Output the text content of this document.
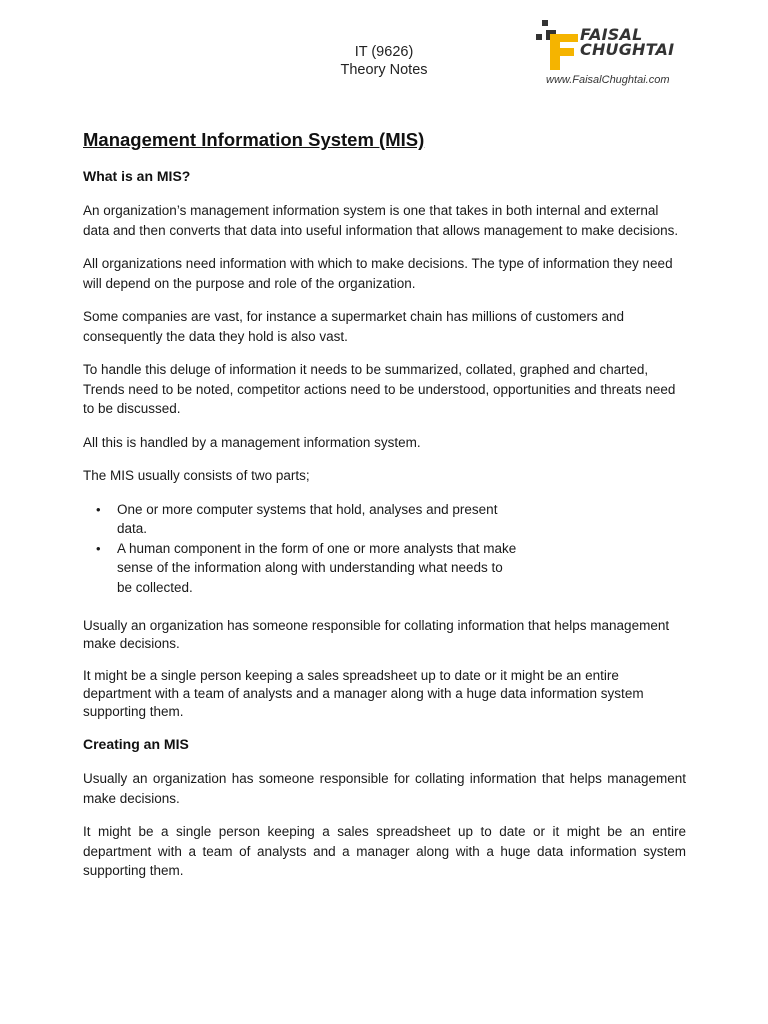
IT (9626)
Theory Notes
FAISAL
CHUGHTAI
www.FaisalChughtai.com
Management Information System (MIS)
What is an MIS?

An organization’s management information system is one that takes in both internal and external data and then converts that data into useful information that allows management to make decisions.

All organizations need information with which to make decisions. The type of information they need will depend on the purpose and role of the organization.

Some companies are vast, for instance a supermarket chain has millions of customers and consequently the data they hold is also vast.

To handle this deluge of information it needs to be summarized, collated, graphed and charted, Trends need to be noted, competitor actions need to be understood, opportunities and threats need to be discussed.

All this is handled by a management information system.

The MIS usually consists of two parts;

• One or more computer systems that hold, analyses and present data.
• A human component in the form of one or more analysts that make sense of the information along with understanding what needs to be collected.

Usually an organization has someone responsible for collating information that helps management make decisions.

It might be a single person keeping a sales spreadsheet up to date or it might be an entire department with a team of analysts and a manager along with a huge data information system supporting them.

Creating an MIS

Usually an organization has someone responsible for collating information that helps management make decisions.

It might be a single person keeping a sales spreadsheet up to date or it might be an entire department with a team of analysts and a manager along with a huge data information system supporting them.
